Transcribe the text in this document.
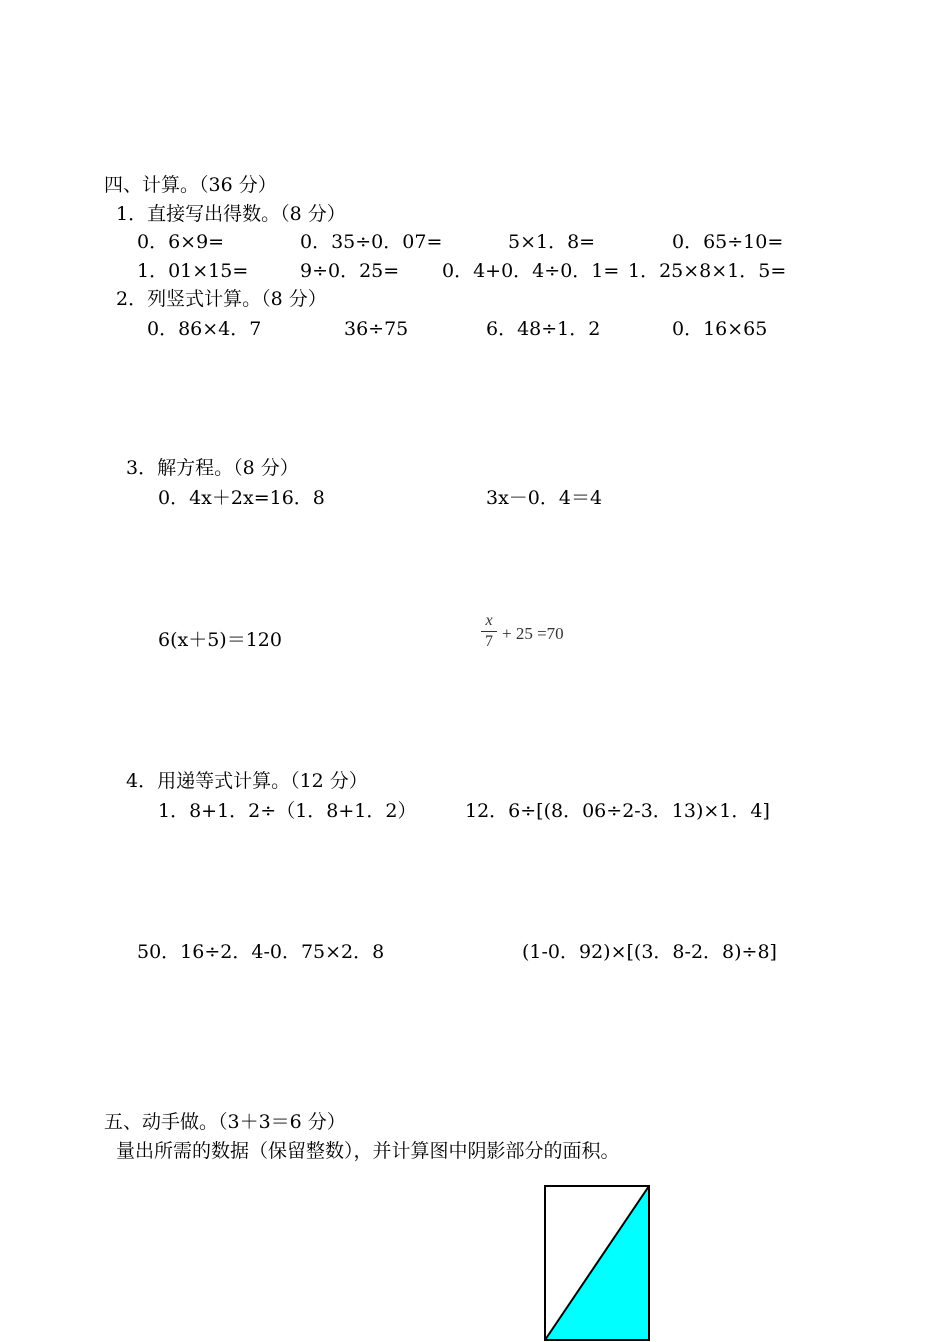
四、计算。（36 分）
1．直接写出得数。（8 分）
0．6×9=	0．35÷0．07=	5×1．8=	0．65÷10=
1．01×15=	9÷0．25= 0．4+0．4÷0．1= 1．25×8×1．5=
2．列竖式计算。（8 分）
0．86×4．7	36÷75	6．48÷1．2	0．16×65
3．解方程。（8 分）
0．4x＋2x=16．8	3x－0．4＝4
6(x＋5)＝120
x
7 + 25 =70
4．用递等式计算。（12 分）
1．8+1．2÷（1．8+1．2）	12．6÷[(8．06÷2-3．13)×1．4]
50．16÷2．4-0．75×2．8	(1-0．92)×[(3．8-2．8)÷8]
五、动手做。（3＋3＝6 分）
量出所需的数据（保留整数），并计算图中阴影部分的面积。
